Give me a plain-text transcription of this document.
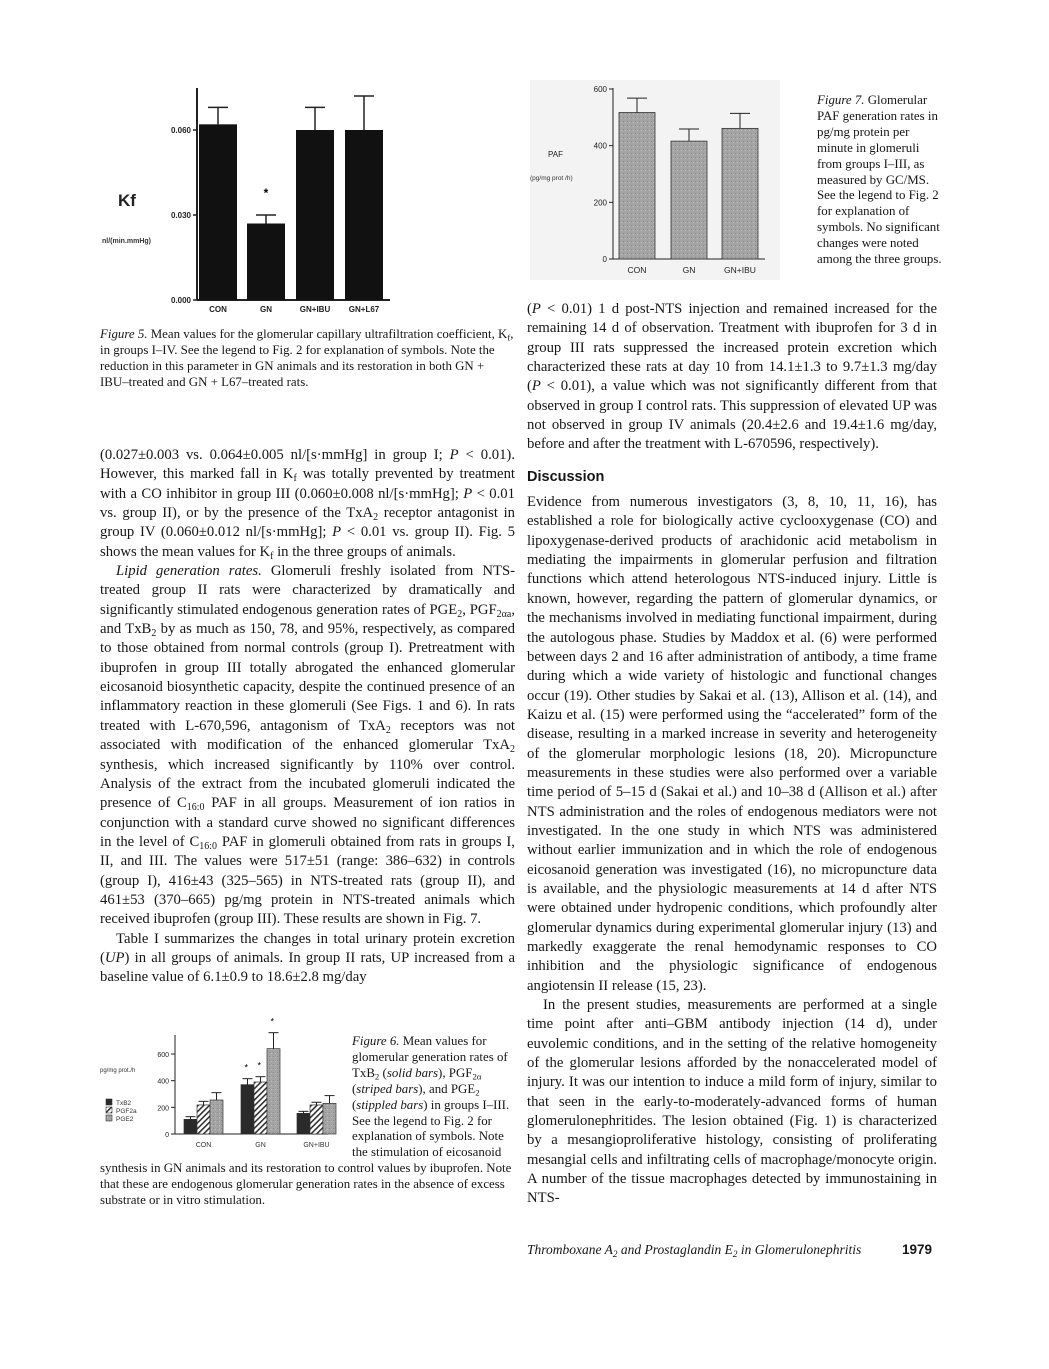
0.000
0.030
0.060
Kf
nl/(min.mmHg)
CON
*
GN	GN+IBU GN+L67
Figure 5. Mean values for the glomerular capillary ultrafiltration coefficient, $K_f$, in groups I–IV. See the legend to Fig. 2 for explanation of symbols. Note the reduction in this parameter in GN animals and its restoration in both GN + IBU–treated and GN + L67–treated rats.

(0.027±0.003 vs. 0.064±0.005 nl/[s·mmHg] in group I; P < 0.01). However, this marked fall in $K_f$ was totally prevented by treatment with a CO inhibitor in group III (0.060±0.008 nl/[s·mmHg]; P < 0.01 vs. group II), or by the presence of the TxA$_2$ receptor antagonist in group IV (0.060±0.012 nl/[s·mmHg]; P < 0.01 vs. group II). Fig. 5 shows the mean values for $K_f$ in the three groups of animals.

Lipid generation rates. Glomeruli freshly isolated from NTS-treated group II rats were characterized by dramatically and significantly stimulated endogenous generation rates of $PGE_2$, $PGF_{2\alpha a}$, and TxB$_2$ by as much as 150, 78, and 95%, respectively, as compared to those obtained from normal controls (group I). Pretreatment with ibuprofen in group III totally abrogated the enhanced glomerular eicosanoid biosynthetic capacity, despite the continued presence of an inflammatory reaction in these glomeruli (See Figs. 1 and 6). In rats treated with L-670,596, antagonism of TxA$_2$ receptors was not associated with modification of the enhanced glomerular TxA$_2$ synthesis, which increased significantly by 110% over control. Analysis of the extract from the incubated glomeruli indicated the presence of $C_{16:0}$ PAF in all groups. Measurement of ion ratios in conjunction with a standard curve showed no significant differences in the level of $C_{16:0}$ PAF in glomeruli obtained from rats in groups I, II, and III. The values were 517±51 (range: 386–632) in controls (group I), 416±43 (325–565) in NTS-treated rats (group II), and 461±53 (370–665) pg/mg protein in NTS-treated animals which received ibuprofen (group III). These results are shown in Fig. 7.

Table I summarizes the changes in total urinary protein excretion (UP) in all groups of animals. In group II rats, UP increased from a baseline value of 6.1±0.9 to 18.6±2.8 mg/day

0
200
400
600
pg/mg prot./h
CON
* *
*
GN	GN+IBU
TxB2
PGF2a
PGE2
Figure 6. Mean values for glomerular generation rates of TxB$_2$ (solid bars), $PGF_{2\alpha}$ (striped bars), and $PGE_2$ (stippled bars) in groups I–III. See the legend to Fig. 2 for explanation of symbols. Note the stimulation of eicosanoid synthesis in GN animals and its restoration to control values by ibuprofen. Note that these are endogenous glomerular generation rates in the absence of excess substrate or in vitro stimulation.
0
200
400
600
PAF
(pg/mg prot /h)
CON	GN	GN+IBU
Figure 7. Glomerular PAF generation rates in pg/mg protein per minute in glomeruli from groups I–III, as measured by GC/MS. See the legend to Fig. 2 for explanation of symbols. No significant changes were noted among the three groups.

(P < 0.01) 1 d post-NTS injection and remained increased for the remaining 14 d of observation. Treatment with ibuprofen for 3 d in group III rats suppressed the increased protein excretion which characterized these rats at day 10 from 14.1±1.3 to 9.7±1.3 mg/day (P < 0.01), a value which was not significantly different from that observed in group I control rats. This suppression of elevated UP was not observed in group IV animals (20.4±2.6 and 19.4±1.6 mg/day, before and after the treatment with L-670596, respectively).

Discussion

Evidence from numerous investigators (3, 8, 10, 11, 16), has established a role for biologically active cyclooxygenase (CO) and lipoxygenase-derived products of arachidonic acid metabolism in mediating the impairments in glomerular perfusion and filtration functions which attend heterologous NTS-induced injury. Little is known, however, regarding the pattern of glomerular dynamics, or the mechanisms involved in mediating functional impairment, during the autologous phase. Studies by Maddox et al. (6) were performed between days 2 and 16 after administration of antibody, a time frame during which a wide variety of histologic and functional changes occur (19). Other studies by Sakai et al. (13), Allison et al. (14), and Kaizu et al. (15) were performed using the “accelerated” form of the disease, resulting in a marked increase in severity and heterogeneity of the glomerular morphologic lesions (18, 20). Micropuncture measurements in these studies were also performed over a variable time period of 5–15 d (Sakai et al.) and 10–38 d (Allison et al.) after NTS administration and the roles of endogenous mediators were not investigated. In the one study in which NTS was administered without earlier immunization and in which the role of endogenous eicosanoid generation was investigated (16), no micropuncture data is available, and the physiologic measurements at 14 d after NTS were obtained under hydropenic conditions, which profoundly alter glomerular dynamics during experimental glomerular injury (13) and markedly exaggerate the renal hemodynamic responses to CO inhibition and the physiologic significance of endogenous angiotensin II release (15, 23).

In the present studies, measurements are performed at a single time point after anti–GBM antibody injection (14 d), under euvolemic conditions, and in the setting of the relative homogeneity of the glomerular lesions afforded by the nonaccelerated model of injury. It was our intention to induce a mild form of injury, similar to that seen in the early-to-moderately-advanced forms of human glomerulonephritides. The lesion obtained (Fig. 1) is characterized by a mesangioproliferative histology, consisting of proliferating mesangial cells and infiltrating cells of macrophage/monocyte origin. A number of the tissue macrophages detected by immunostaining in NTS-

Thromboxane $A_2$ and Prostaglandin $E_2$ in Glomerulonephritis	1979
